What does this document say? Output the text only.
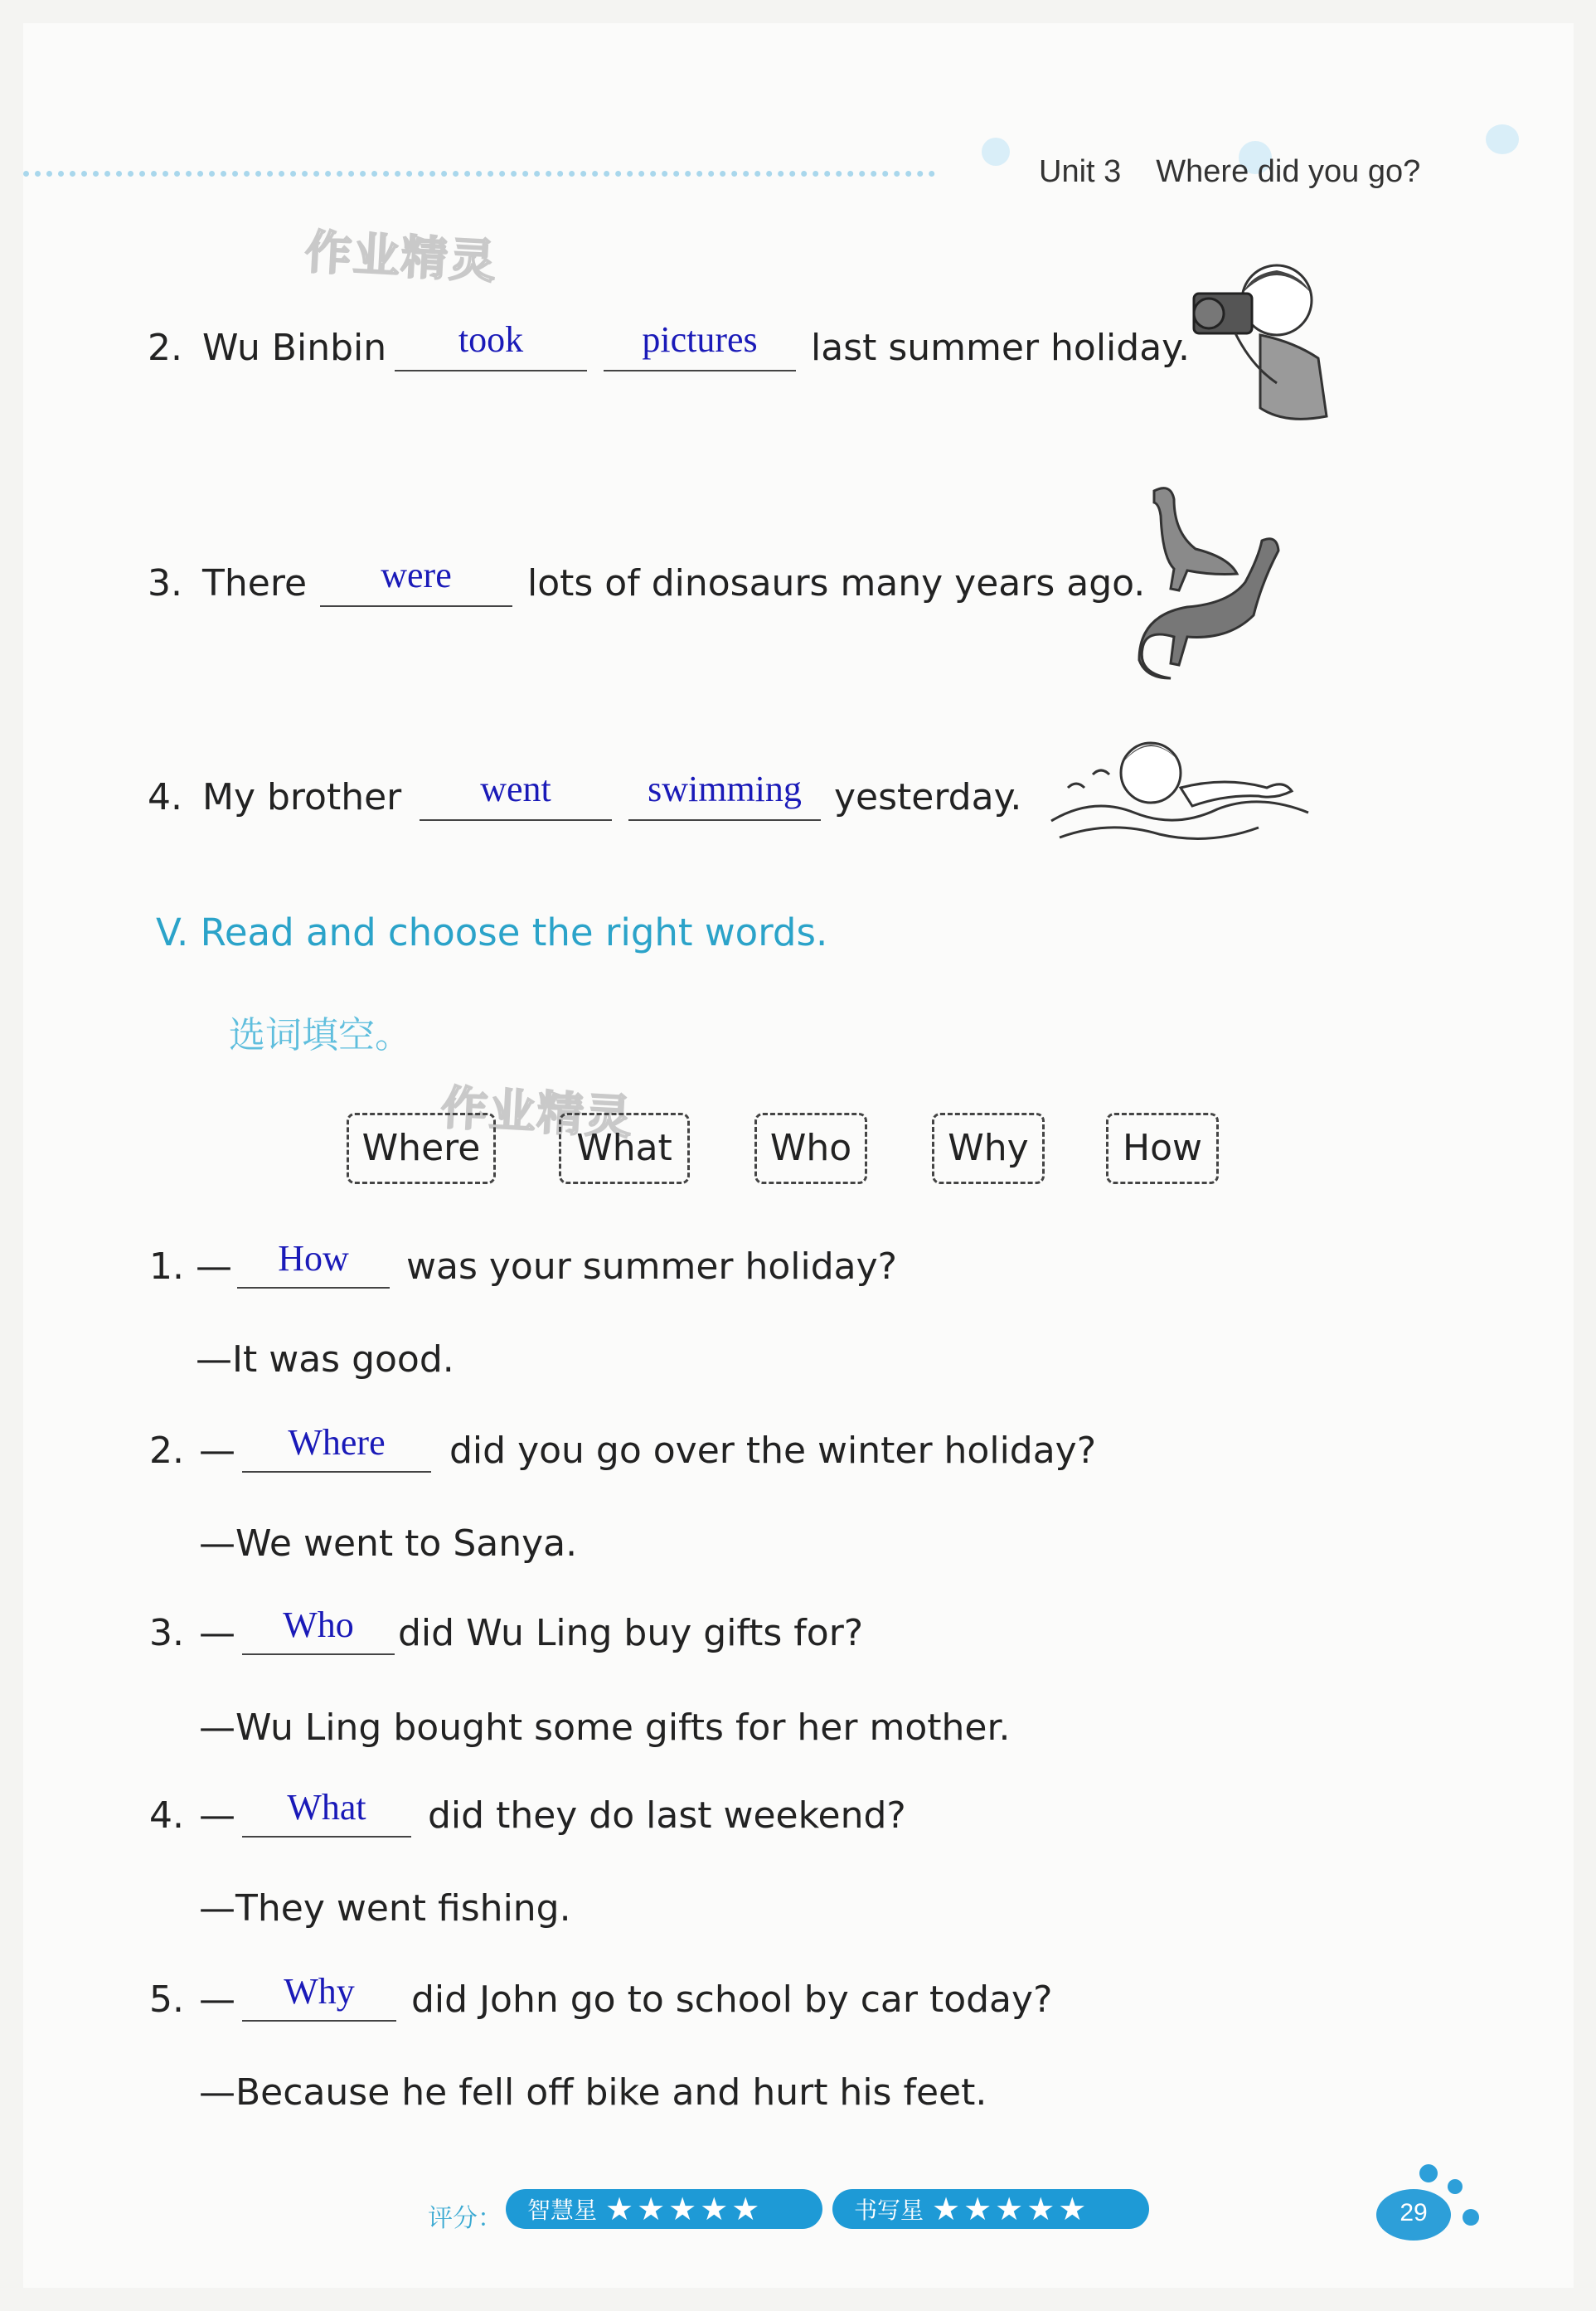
Unit 3 Where did you go?
作业精灵
作业精灵
2. Wu Binbin	took	pictures	last summer holiday.
3. There	were	lots of dinosaurs many years ago.
4. My brother	went	swimming yesterday.
V. Read and choose the right words.
选词填空。
Where	What	Who	Why	How
1. —	How	was your summer holiday?
—It was good.
2. —	Where	did you go over the winter holiday?
—We went to Sanya.
3. —	Who	did Wu Ling buy gifts for?
—Wu Ling bought some gifts for her mother.
4. —	What	did they do last weekend?
—They went fishing.
5. —	Why	did John go to school by car today?
—Because he fell off bike and hurt his feet.
评分：	智慧星 ★★★★★	书写星 ★★★★★	29
